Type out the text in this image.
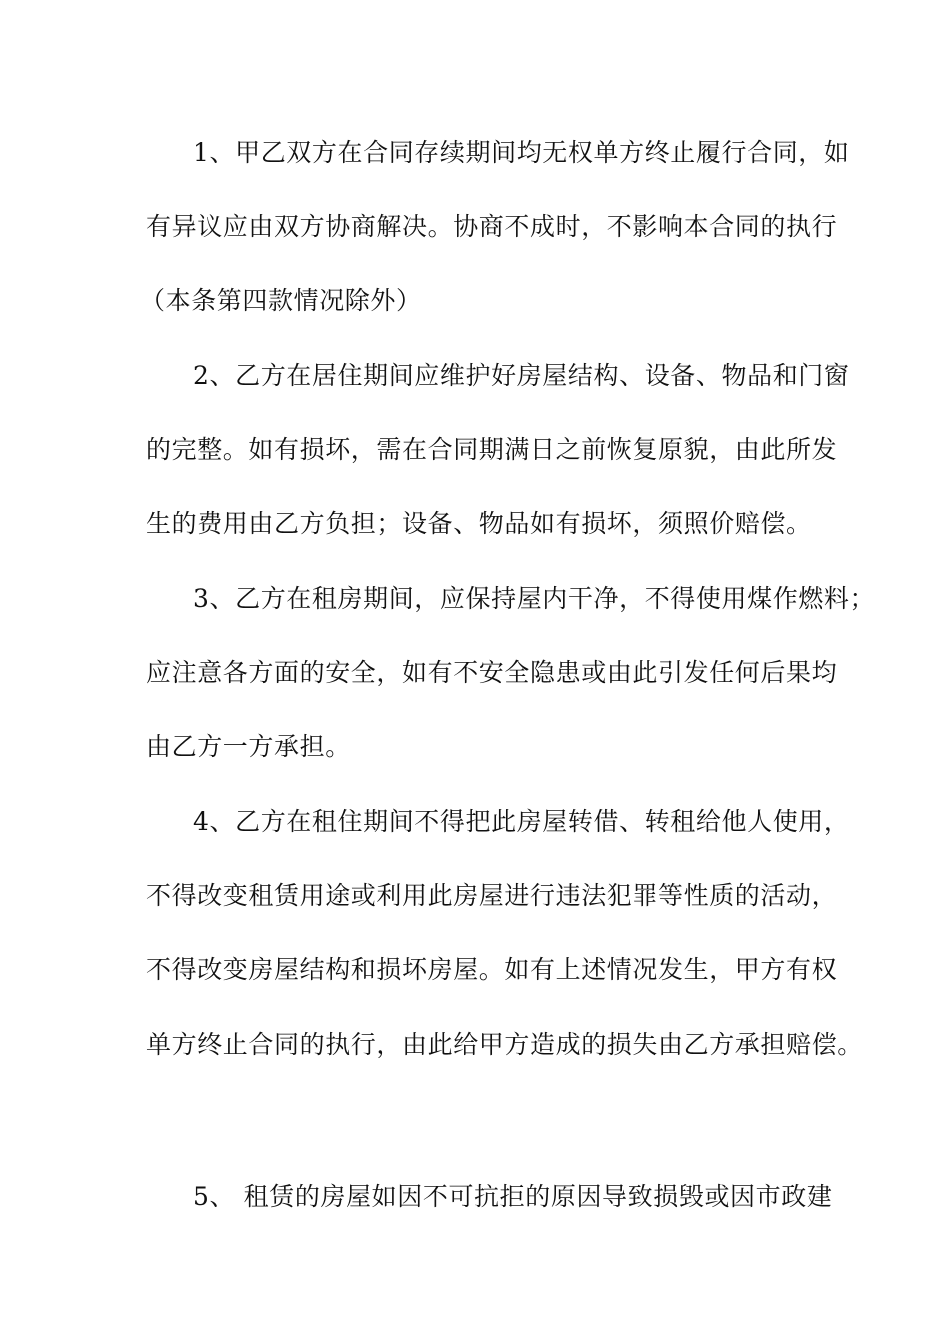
1、甲乙双方在合同存续期间均无权单方终止履行合同，如
有异议应由双方协商解决。协商不成时，不影响本合同的执行
（本条第四款情况除外）
2、乙方在居住期间应维护好房屋结构、设备、物品和门窗
的完整。如有损坏，需在合同期满日之前恢复原貌，由此所发
生的费用由乙方负担；设备、物品如有损坏，须照价赔偿。
3、乙方在租房期间，应保持屋内干净，不得使用煤作燃料；
应注意各方面的安全，如有不安全隐患或由此引发任何后果均
由乙方一方承担。
4、乙方在租住期间不得把此房屋转借、转租给他人使用，
不得改变租赁用途或利用此房屋进行违法犯罪等性质的活动，
不得改变房屋结构和损坏房屋。如有上述情况发生，甲方有权
单方终止合同的执行，由此给甲方造成的损失由乙方承担赔偿。
5、 租赁的房屋如因不可抗拒的原因导致损毁或因市政建
